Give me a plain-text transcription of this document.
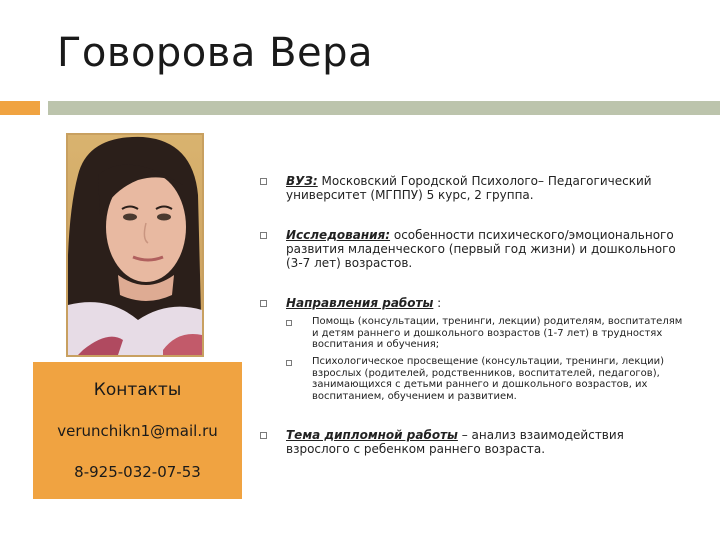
Говорова Вера
Контакты
verunchikn1@mail.ru
8-925-032-07-53
ВУЗ: Московский Городской Психолого– Педагогический университет (МГППУ) 5 курс, 2 группа.
Исследования: особенности психического/эмоционального развития младенческого (первый год жизни) и дошкольного (3-7 лет) возрастов.
Направления работы :
Помощь (консультации, тренинги, лекции) родителям, воспитателям и детям раннего и дошкольного возрастов (1-7 лет) в трудностях воспитания и обучения;
Психологическое просвещение (консультации, тренинги, лекции) взрослых (родителей, родственников, воспитателей, педагогов), занимающихся с детьми раннего и дошкольного возрастов, их воспитанием, обучением и развитием.
Тема дипломной работы – анализ взаимодействия взрослого с ребенком раннего возраста.
